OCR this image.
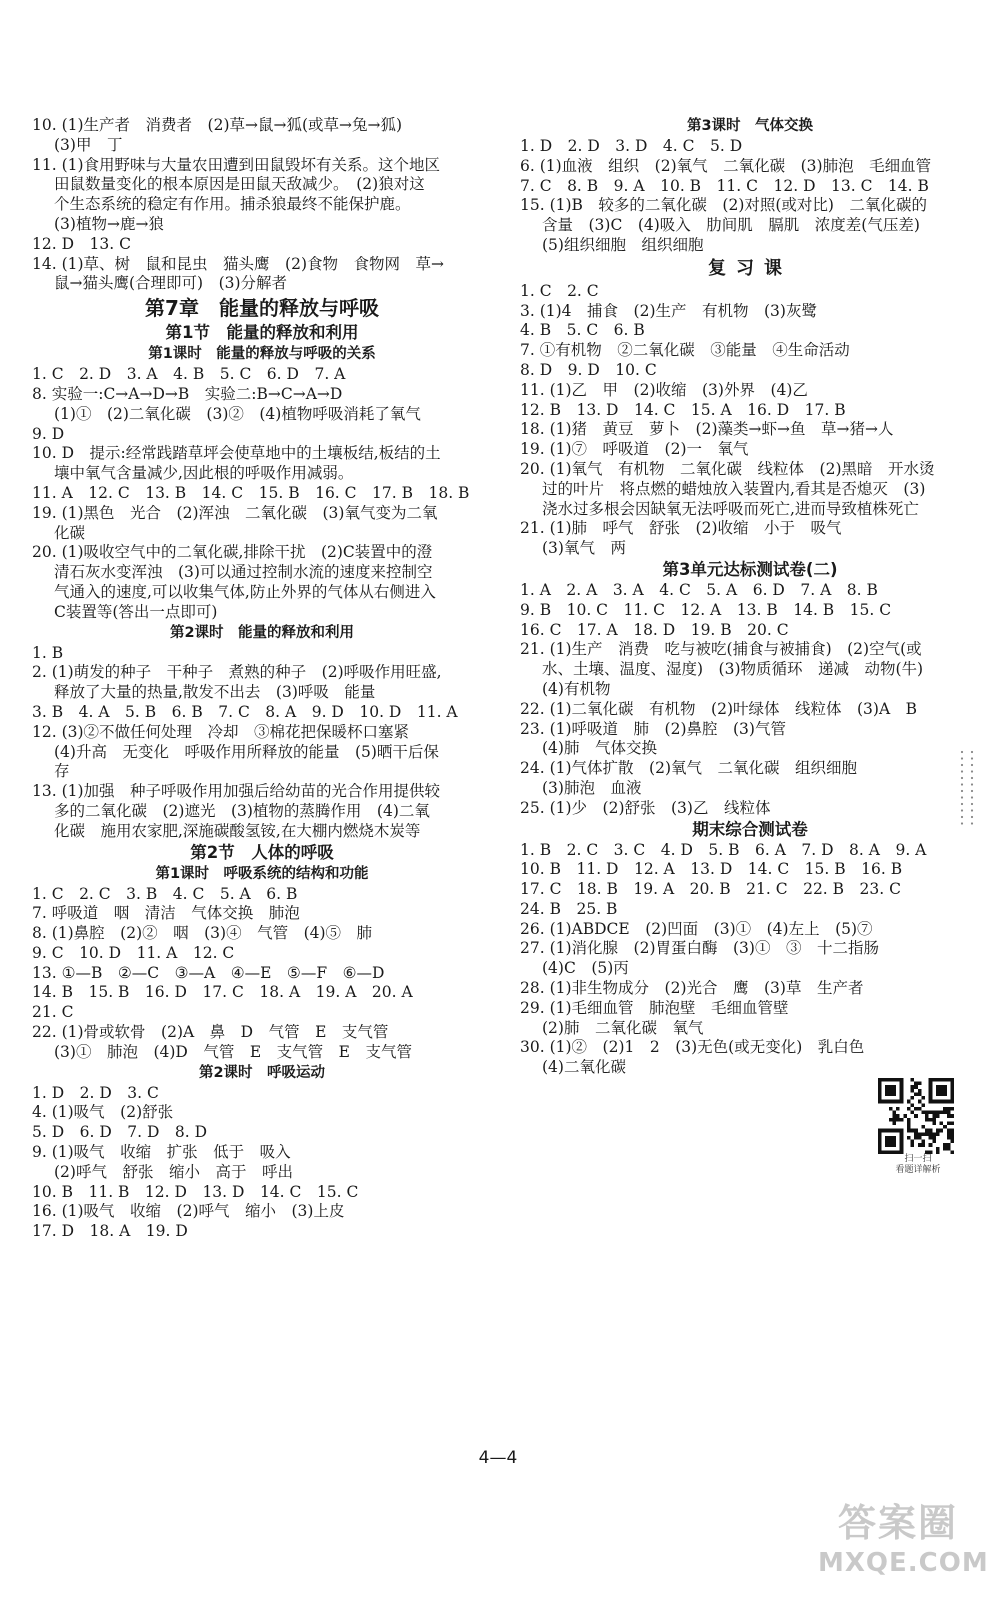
10. (1)生产者　消费者　(2)草→鼠→狐(或草→兔→狐)
(3)甲　丁
11. (1)食用野味与大量农田遭到田鼠毁坏有关系。这个地区
田鼠数量变化的根本原因是田鼠天敌减少。　(2)狼对这
个生态系统的稳定有作用。捕杀狼最终不能保护鹿。
(3)植物→鹿→狼
12. D　13. C
14. (1)草、树　鼠和昆虫　猫头鹰　(2)食物　食物网　草→
鼠→猫头鹰(合理即可)　(3)分解者
第7章　能量的释放与呼吸
第1节　能量的释放和利用
第1课时　能量的释放与呼吸的关系
1. C　2. D　3. A　4. B　5. C　6. D　7. A
8. 实验一:C→A→D→B　实验二:B→C→A→D
(1)①　(2)二氧化碳　(3)②　(4)植物呼吸消耗了氧气
9. D
10. D　提示:经常践踏草坪会使草地中的土壤板结,板结的土
壤中氧气含量减少,因此根的呼吸作用减弱。
11. A　12. C　13. B　14. C　15. B　16. C　17. B　18. B
19. (1)黑色　光合　(2)浑浊　二氧化碳　(3)氧气变为二氧
化碳
20. (1)吸收空气中的二氧化碳,排除干扰　(2)C装置中的澄
清石灰水变浑浊　(3)可以通过控制水流的速度来控制空
气通入的速度,可以收集气体,防止外界的气体从右侧进入
C装置等(答出一点即可)
第2课时　能量的释放和利用
1. B
2. (1)萌发的种子　干种子　煮熟的种子　(2)呼吸作用旺盛,
释放了大量的热量,散发不出去　(3)呼吸　能量
3. B　4. A　5. B　6. B　7. C　8. A　9. D　10. D　11. A
12. (3)②不做任何处理　冷却　③棉花把保暖杯口塞紧
(4)升高　无变化　呼吸作用所释放的能量　(5)晒干后保
存
13. (1)加强　种子呼吸作用加强后给幼苗的光合作用提供较
多的二氧化碳　(2)遮光　(3)植物的蒸腾作用　(4)二氧
化碳　施用农家肥,深施碳酸氢铵,在大棚内燃烧木炭等
第2节　人体的呼吸
第1课时　呼吸系统的结构和功能
1. C　2. C　3. B　4. C　5. A　6. B
7. 呼吸道　咽　清洁　气体交换　肺泡
8. (1)鼻腔　(2)②　咽　(3)④　气管　(4)⑤　肺
9. C　10. D　11. A　12. C
13. ①—B　②—C　③—A　④—E　⑤—F　⑥—D
14. B　15. B　16. D　17. C　18. A　19. A　20. A
21. C
22. (1)骨或软骨　(2)A　鼻　D　气管　E　支气管
(3)①　肺泡　(4)D　气管　E　支气管　E　支气管
第2课时　呼吸运动
1. D　2. D　3. C
4. (1)吸气　(2)舒张
5. D　6. D　7. D　8. D
9. (1)吸气　收缩　扩张　低于　吸入
(2)呼气　舒张　缩小　高于　呼出
10. B　11. B　12. D　13. D　14. C　15. C
16. (1)吸气　收缩　(2)呼气　缩小　(3)上皮
17. D　18. A　19. D
第3课时　气体交换
1. D　2. D　3. D　4. C　5. D
6. (1)血液　组织　(2)氧气　二氧化碳　(3)肺泡　毛细血管
7. C　8. B　9. A　10. B　11. C　12. D　13. C　14. B
15. (1)B　较多的二氧化碳　(2)对照(或对比)　二氧化碳的
含量　(3)C　(4)吸入　肋间肌　膈肌　浓度差(气压差)
(5)组织细胞　组织细胞
复习课
1. C　2. C
3. (1)4　捕食　(2)生产　有机物　(3)灰鹭
4. B　5. C　6. B
7. ①有机物　②二氧化碳　③能量　④生命活动
8. D　9. D　10. C
11. (1)乙　甲　(2)收缩　(3)外界　(4)乙
12. B　13. D　14. C　15. A　16. D　17. B
18. (1)猪　黄豆　萝卜　(2)藻类→虾→鱼　草→猪→人
19. (1)⑦　呼吸道　(2)一　氧气
20. (1)氧气　有机物　二氧化碳　线粒体　(2)黑暗　开水烫
过的叶片　将点燃的蜡烛放入装置内,看其是否熄灭　(3)
浇水过多根会因缺氧无法呼吸而死亡,进而导致植株死亡
21. (1)肺　呼气　舒张　(2)收缩　小于　吸气
(3)氧气　两
第3单元达标测试卷(二)
1. A　2. A　3. A　4. C　5. A　6. D　7. A　8. B
9. B　10. C　11. C　12. A　13. B　14. B　15. C
16. C　17. A　18. D　19. B　20. C
21. (1)生产　消费　吃与被吃(捕食与被捕食)　(2)空气(或
水、土壤、温度、湿度)　(3)物质循环　递减　动物(牛)
(4)有机物
22. (1)二氧化碳　有机物　(2)叶绿体　线粒体　(3)A　B
23. (1)呼吸道　肺　(2)鼻腔　(3)气管
(4)肺　气体交换
24. (1)气体扩散　(2)氧气　二氧化碳　组织细胞
(3)肺泡　血液
25. (1)少　(2)舒张　(3)乙　线粒体
期末综合测试卷
1. B　2. C　3. C　4. D　5. B　6. A　7. D　8. A　9. A
10. B　11. D　12. A　13. D　14. C　15. B　16. B
17. C　18. B　19. A　20. B　21. C　22. B　23. C
24. B　25. B
26. (1)ABDCE　(2)凹面　(3)①　(4)左上　(5)⑦
27. (1)消化腺　(2)胃蛋白酶　(3)①　③　十二指肠
(4)C　(5)丙
28. (1)非生物成分　(2)光合　鹰　(3)草　生产者
29. (1)毛细血管　肺泡壁　毛细血管壁
(2)肺　二氧化碳　氧气
30. (1)②　(2)1　2　(3)无色(或无变化)　乳白色
(4)二氧化碳
扫一扫
看题详解析
4—4
答案圈
MXQE.COM
